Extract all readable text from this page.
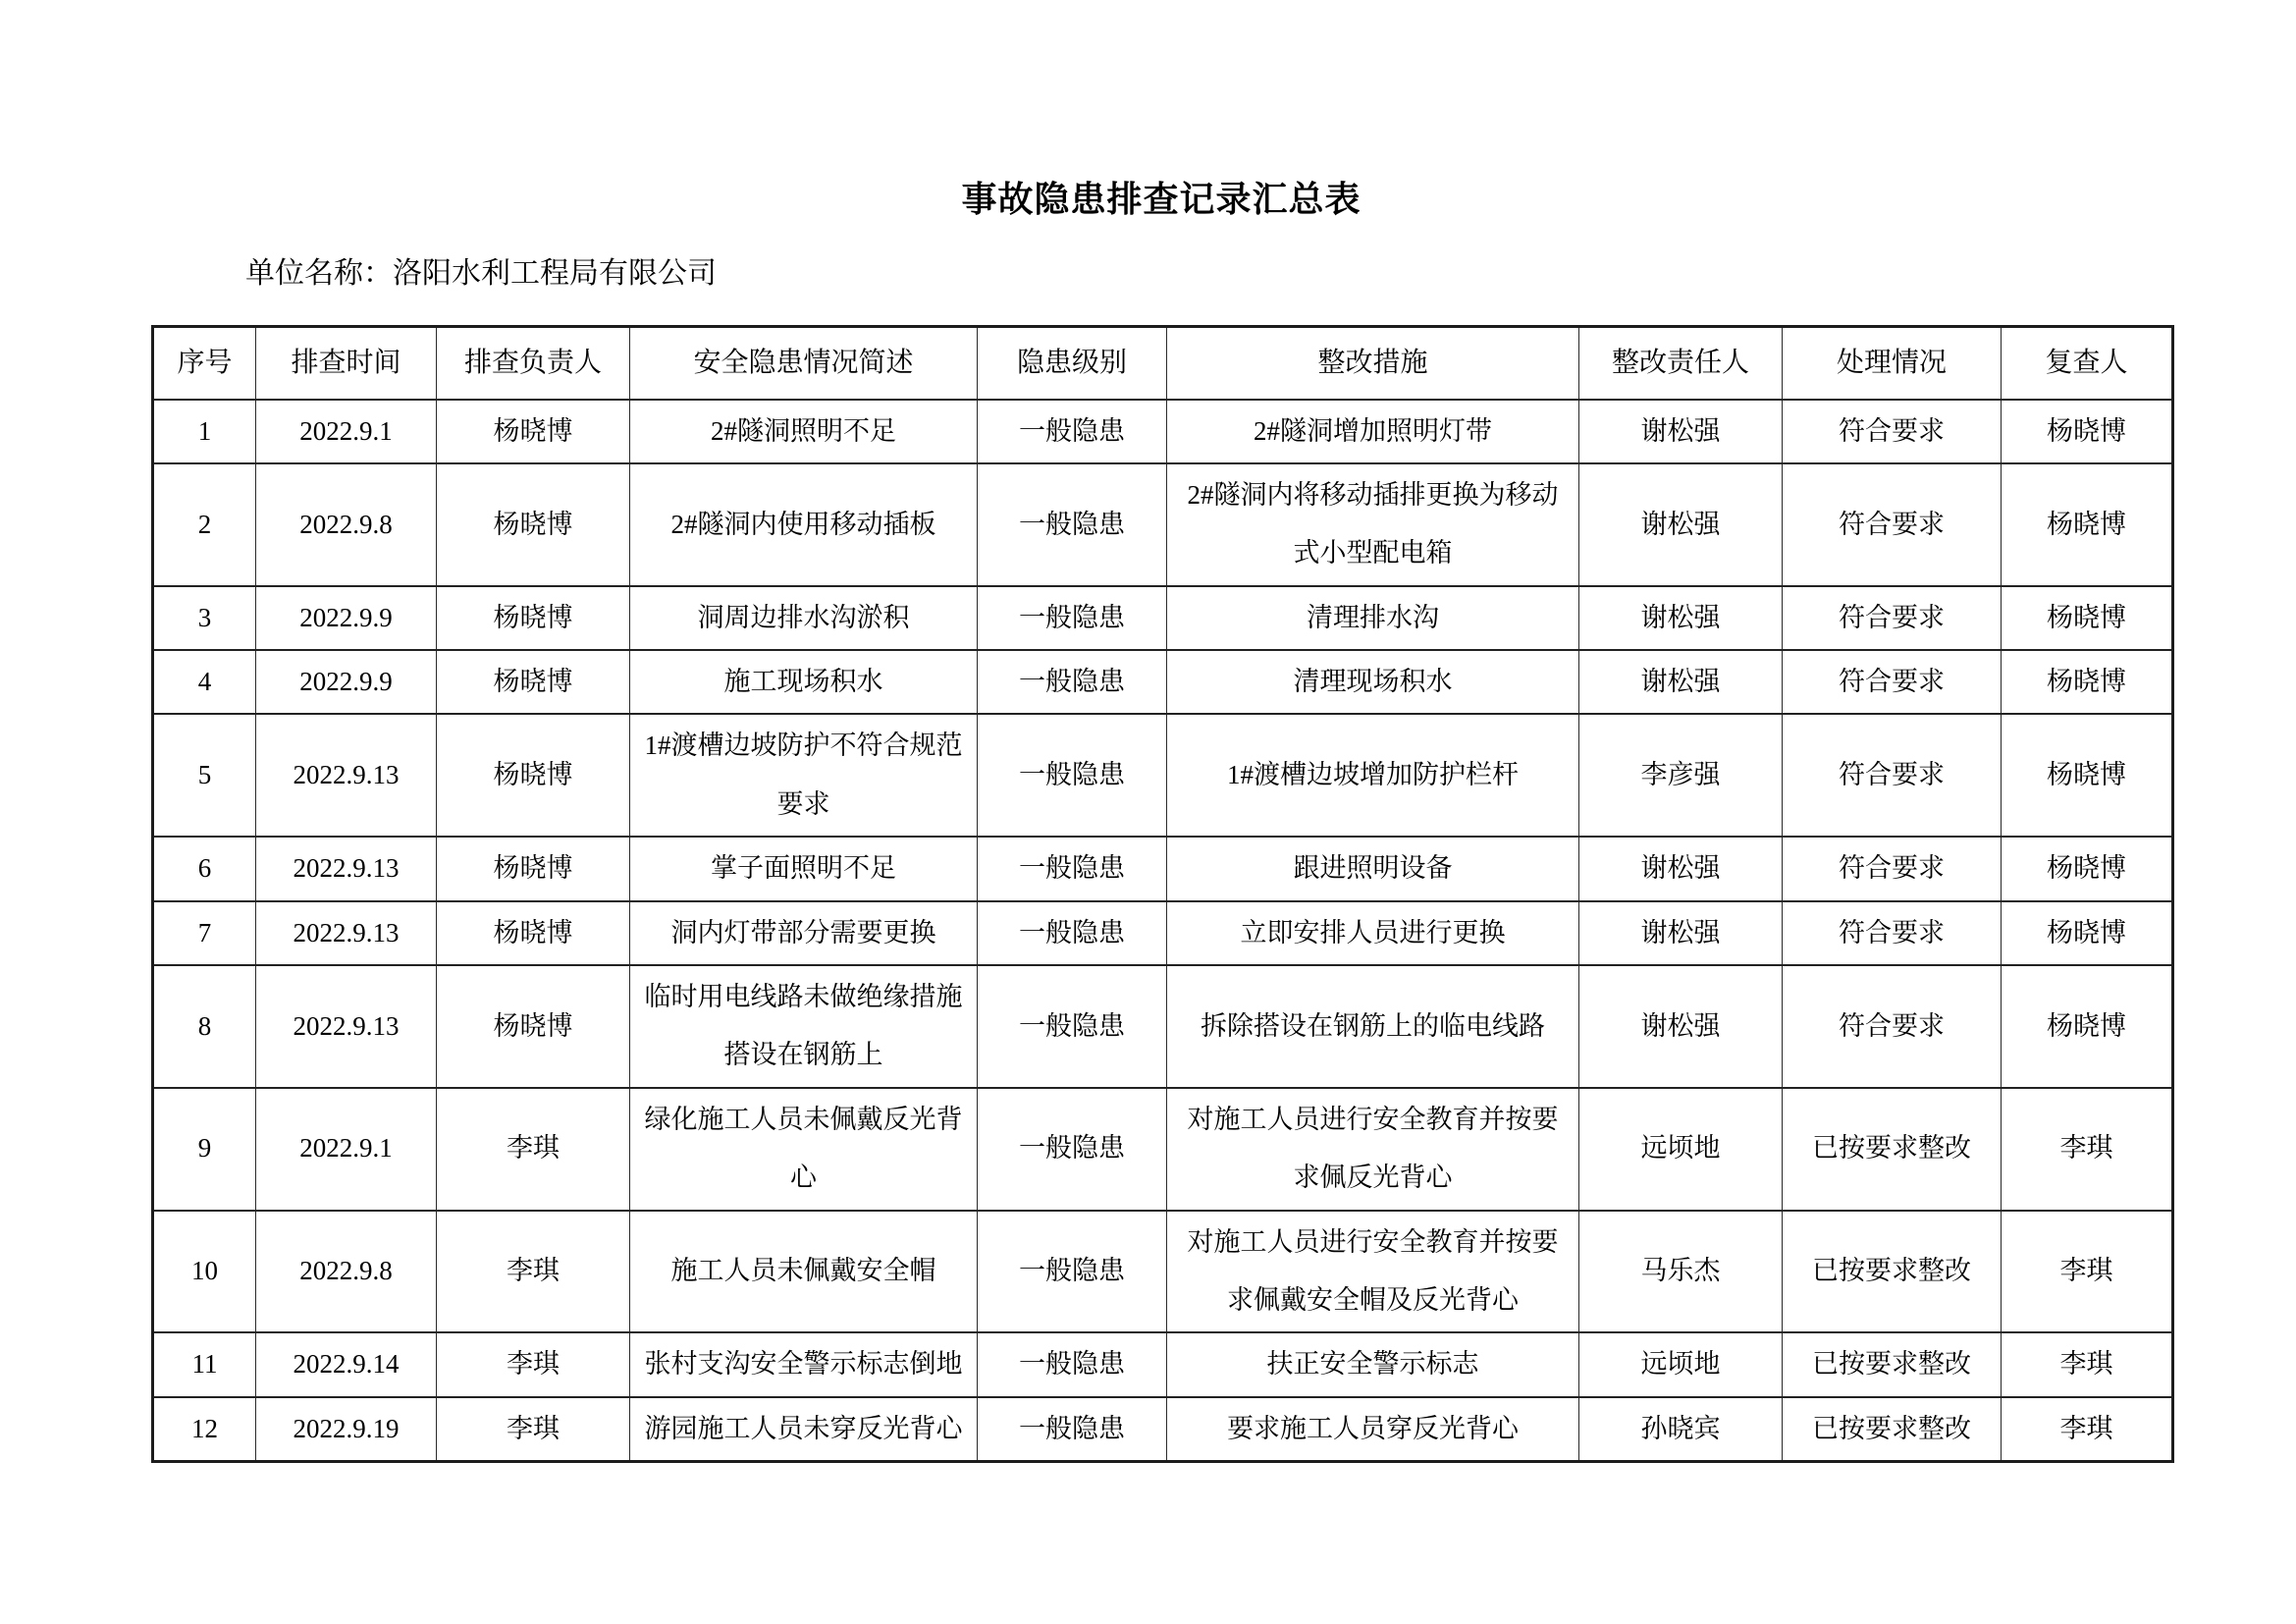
事故隐患排查记录汇总表
单位名称：洛阳水利工程局有限公司
序号	排查时间	排查负责人	安全隐患情况简述	隐患级别	整改措施	整改责任人	处理情况	复查人
1	2022.9.1	杨晓博	2#隧洞照明不足	一般隐患	2#隧洞增加照明灯带	谢松强	符合要求	杨晓博
2	2022.9.8	杨晓博	2#隧洞内使用移动插板	一般隐患	2#隧洞内将移动插排更换为移动式小型配电箱	谢松强	符合要求	杨晓博
3	2022.9.9	杨晓博	洞周边排水沟淤积	一般隐患	清理排水沟	谢松强	符合要求	杨晓博
4	2022.9.9	杨晓博	施工现场积水	一般隐患	清理现场积水	谢松强	符合要求	杨晓博
5	2022.9.13	杨晓博	1#渡槽边坡防护不符合规范要求	一般隐患	1#渡槽边坡增加防护栏杆	李彦强	符合要求	杨晓博
6	2022.9.13	杨晓博	掌子面照明不足	一般隐患	跟进照明设备	谢松强	符合要求	杨晓博
7	2022.9.13	杨晓博	洞内灯带部分需要更换	一般隐患	立即安排人员进行更换	谢松强	符合要求	杨晓博
8	2022.9.13	杨晓博	临时用电线路未做绝缘措施搭设在钢筋上	一般隐患	拆除搭设在钢筋上的临电线路	谢松强	符合要求	杨晓博
9	2022.9.1	李琪	绿化施工人员未佩戴反光背心	一般隐患	对施工人员进行安全教育并按要求佩反光背心	远顷地	已按要求整改	李琪
10	2022.9.8	李琪	施工人员未佩戴安全帽	一般隐患	对施工人员进行安全教育并按要求佩戴安全帽及反光背心	马乐杰	已按要求整改	李琪
11	2022.9.14	李琪	张村支沟安全警示标志倒地	一般隐患	扶正安全警示标志	远顷地	已按要求整改	李琪
12	2022.9.19	李琪	游园施工人员未穿反光背心	一般隐患	要求施工人员穿反光背心	孙晓宾	已按要求整改	李琪
